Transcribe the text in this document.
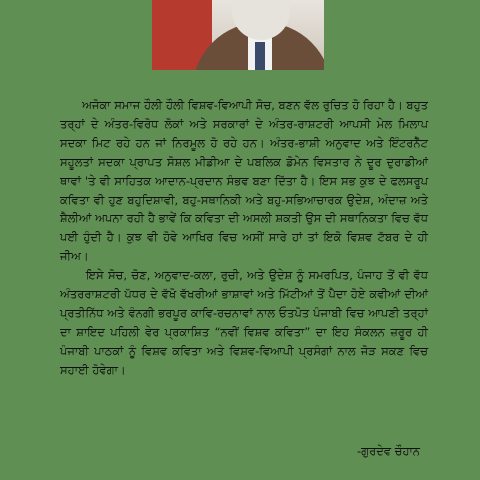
ਅਜੋਕਾ ਸਮਾਜ ਹੌਲੀ ਹੌਲੀ ਵਿਸ਼ਵ-ਵਿਆਪੀ ਸੋਚ, ਬਣਨ ਵੱਲ ਰੁਚਿਤ ਹੋ ਰਿਹਾ ਹੈ। ਬਹੁਤ ਤਰ੍ਹਾਂ ਦੇ ਅੰਤਰ-ਵਿਰੋਧ ਲੋਕਾਂ ਅਤੇ ਸਰਕਾਰਾਂ ਦੇ ਅੰਤਰ-ਰਾਸ਼ਟਰੀ ਆਪਸੀ ਮੇਲ ਮਿਲਾਪ ਸਦਕਾ ਮਿਟ ਰਹੇ ਹਨ ਜਾਂ ਨਿਰਮੂਲ ਹੋ ਰਹੇ ਹਨ। ਅੰਤਰ-ਭਾਸ਼ੀ ਅਨੁਵਾਦ ਅਤੇ ਇੰਟਰਨੈੱਟ ਸਹੂਲਤਾਂ ਸਦਕਾ ਪ੍ਰਾਪਤ ਸੋਸ਼ਲ ਮੀਡੀਆ ਦੇ ਪਬਲਿਕ ਡੋਮੇਨ ਵਿਸਤਾਰ ਨੇ ਦੂਰ ਦੁਰਾਡੀਆਂ ਥਾਵਾਂ 'ਤੇ ਵੀ ਸਾਹਿਤਕ ਆਦਾਨ-ਪ੍ਰਦਾਨ ਸੰਭਵ ਬਣਾ ਦਿੱਤਾ ਹੈ। ਇਸ ਸਭ ਕੁਝ ਦੇ ਫਲਸਰੂਪ ਕਵਿਤਾ ਵੀ ਹੁਣ ਬਹੁਦਿਸ਼ਾਵੀ, ਬਹੁ-ਸਥਾਨਿਕੀ ਅਤੇ ਬਹੁ-ਸਭਿਆਚਾਰਕ ਉਦੇਸ਼, ਅੰਦਾਜ਼ ਅਤੇ ਸ਼ੈਲੀਆਂ ਅਪਨਾ ਰਹੀ ਹੈ ਭਾਵੇਂ ਕਿ ਕਵਿਤਾ ਦੀ ਅਸਲੀ ਸ਼ਕਤੀ ਉਸ ਦੀ ਸਥਾਨਿਕਤਾ ਵਿਚ ਵੱਧ ਪਈ ਹੁੰਦੀ ਹੈ। ਕੁਝ ਵੀ ਹੋਵੇ ਆਖਿਰ ਵਿਚ ਅਸੀਂ ਸਾਰੇ ਹਾਂ ਤਾਂ ਇਕੋ ਵਿਸ਼ਵ ਟੱਬਰ ਦੇ ਹੀ ਜੀਅ।
ਇਸੇ ਸੋਚ, ਚੋਣ, ਅਨੁਵਾਦ-ਕਲਾ, ਰੁਚੀ, ਅਤੇ ਉਦੇਸ਼ ਨੂੰ ਸਮਰਪਿਤ, ਪੰਜਾਹ ਤੋਂ ਵੀ ਵੱਧ ਅੰਤਰਰਾਸ਼ਟਰੀ ਪੱਧਰ ਦੇ ਵੱਖੋ ਵੱਖਰੀਆਂ ਭਾਸ਼ਾਵਾਂ ਅਤੇ ਮਿੱਟੀਆਂ ਤੋਂ ਪੈਦਾ ਹੋਏ ਕਵੀਆਂ ਦੀਆਂ ਪ੍ਰਤੀਨਿੱਧ ਅਤੇ ਵੰਨਗੀ ਭਰਪੂਰ ਕਾਵਿ-ਰਚਨਾਵਾਂ ਨਾਲ ਓਤਪੋਤ ਪੰਜਾਬੀ ਵਿਚ ਆਪਣੀ ਤਰ੍ਹਾਂ ਦਾ ਸ਼ਾਇਦ ਪਹਿਲੀ ਵੇਰ ਪ੍ਰਕਾਸ਼ਿਤ “ਨਵੀਂ ਵਿਸ਼ਵ ਕਵਿਤਾ” ਦਾ ਇਹ ਸੰਕਲਨ ਜ਼ਰੂਰ ਹੀ ਪੰਜਾਬੀ ਪਾਠਕਾਂ ਨੂੰ ਵਿਸ਼ਵ ਕਵਿਤਾ ਅਤੇ ਵਿਸ਼ਵ-ਵਿਆਪੀ ਪ੍ਰਸੰਗਾਂ ਨਾਲ ਜੋੜ ਸਕਣ ਵਿਚ ਸਹਾਈ ਹੋਵੇਗਾ।
-ਗੁਰਦੇਵ ਚੌਹਾਨ
